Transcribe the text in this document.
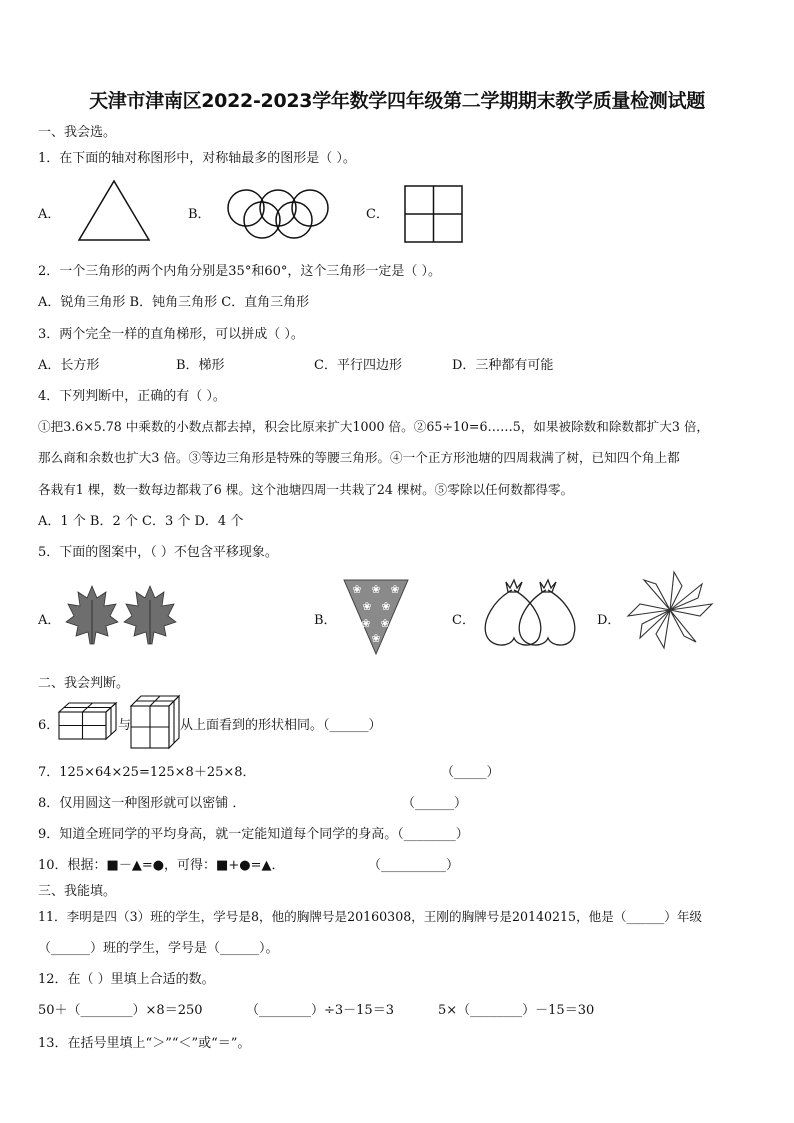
天津市津南区2022-2023学年数学四年级第二学期期末教学质量检测试题
一、我会选。
1．在下面的轴对称图形中，对称轴最多的图形是（ ）。
A．	B．	C．
2．一个三角形的两个内角分别是35°和60°，这个三角形一定是（ ）。
A．锐角三角形 B．钝角三角形 C．直角三角形
3．两个完全一样的直角梯形，可以拼成（ ）。
A．长方形	B．梯形	C．平行四边形	D．三种都有可能
4．下列判断中，正确的有（ ）。
①把3.6×5.78 中乘数的小数点都去掉，积会比原来扩大1000 倍。②65÷10=6……5，如果被除数和除数都扩大3 倍，
那么商和余数也扩大3 倍。③等边三角形是特殊的等腰三角形。④一个正方形池塘的四周栽满了树，已知四个角上都
各栽有1 棵，数一数每边都栽了6 棵。这个池塘四周一共栽了24 棵树。⑤零除以任何数都得零。
A．1 个 B．2 个 C．3 个 D．4 个
5．下面的图案中，（ ）不包含平移现象。
A．	B．
❀ ❀ ❀
❀ ❀
❀ ❀
❀
C．	D．
二、我会判断。
6．	与	从上面看到的形状相同。（______）
7．125×64×25=125×8＋25×8．	（_____）
8．仅用圆这一种图形就可以密铺 ．	（______）
9．知道全班同学的平均身高，就一定能知道每个同学的身高。（________）
10．根据：■－▲=●，可得：■+●=▲．	（__________）
三、我能填。
11．李明是四（3）班的学生，学号是8，他的胸牌号是20160308，王刚的胸牌号是20140215，他是（______）年级
（______）班的学生，学号是（______）。
12．在（ ）里填上合适的数。
50＋（________）×8＝250	（________）÷3－15＝3	5×（________）－15＝30
13．在括号里填上“＞”“＜”或“＝”。
